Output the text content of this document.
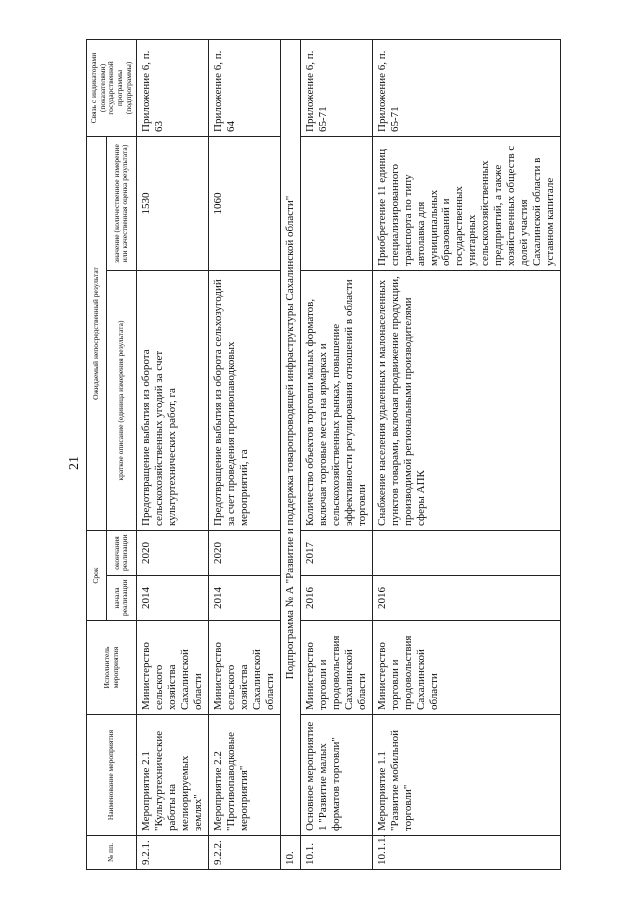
21
№ пп.	Наименование мероприятия	Исполнитель мероприятия	Срок		Ожидаемый непосредственный результат		Связь с индикаторами (показателями) государственной программы (подпрограммы)
			начала реализации	окончания реализации	краткое описание (единица измерения результата)	значение (количественное измерение или качественная оценка результата)	
9.2.1.	Мероприятие 2.1 "Культуртехнические работы на мелиорируемых землях"	Министерство сельского хозяйства Сахалинской области	2014	2020	Предотвращение выбытия из оборота сельскохозяйственных угодий за счет культуртехнических работ, га	1530	Приложение 6, п. 63
9.2.2.	Мероприятие 2.2 "Противопаводковые мероприятия"	Министерство сельского хозяйства Сахалинской области	2014	2020	Предотвращение выбытия из оборота сельхозугодий за счет проведения противопаводковых мероприятий, га	1060	Приложение 6, п. 64
10.	Подпрограмма № А "Развитие и поддержка товаропроводящей инфраструктуры Сахалинской области"						
10.1.	Основное мероприятие 1 "Развитие малых форматов торговли"	Министерство торговли и продовольствия Сахалинской области	2016	2017	Количество объектов торговли малых форматов, включая торговые места на ярмарках и сельскохозяйственных рынках, повышение эффективности регулирования отношений в области торговли		Приложение 6, п. 65-71
10.1.1.	Мероприятие 1.1 "Развитие мобильной торговли"	Министерство торговли и продовольствия Сахалинской области	2016		Снабжение населения удаленных и малонаселенных пунктов товарами, включая продвижение продукции, производимой региональными производителями сферы АПК	Приобретение 11 единиц специализированного транспорта по типу автолавка для муниципальных образований и государственных унитарных сельскохозяйственных предприятий, а также хозяйственных обществ с долей участия Сахалинской области в уставном капитале	Приложение 6, п. 65-71
